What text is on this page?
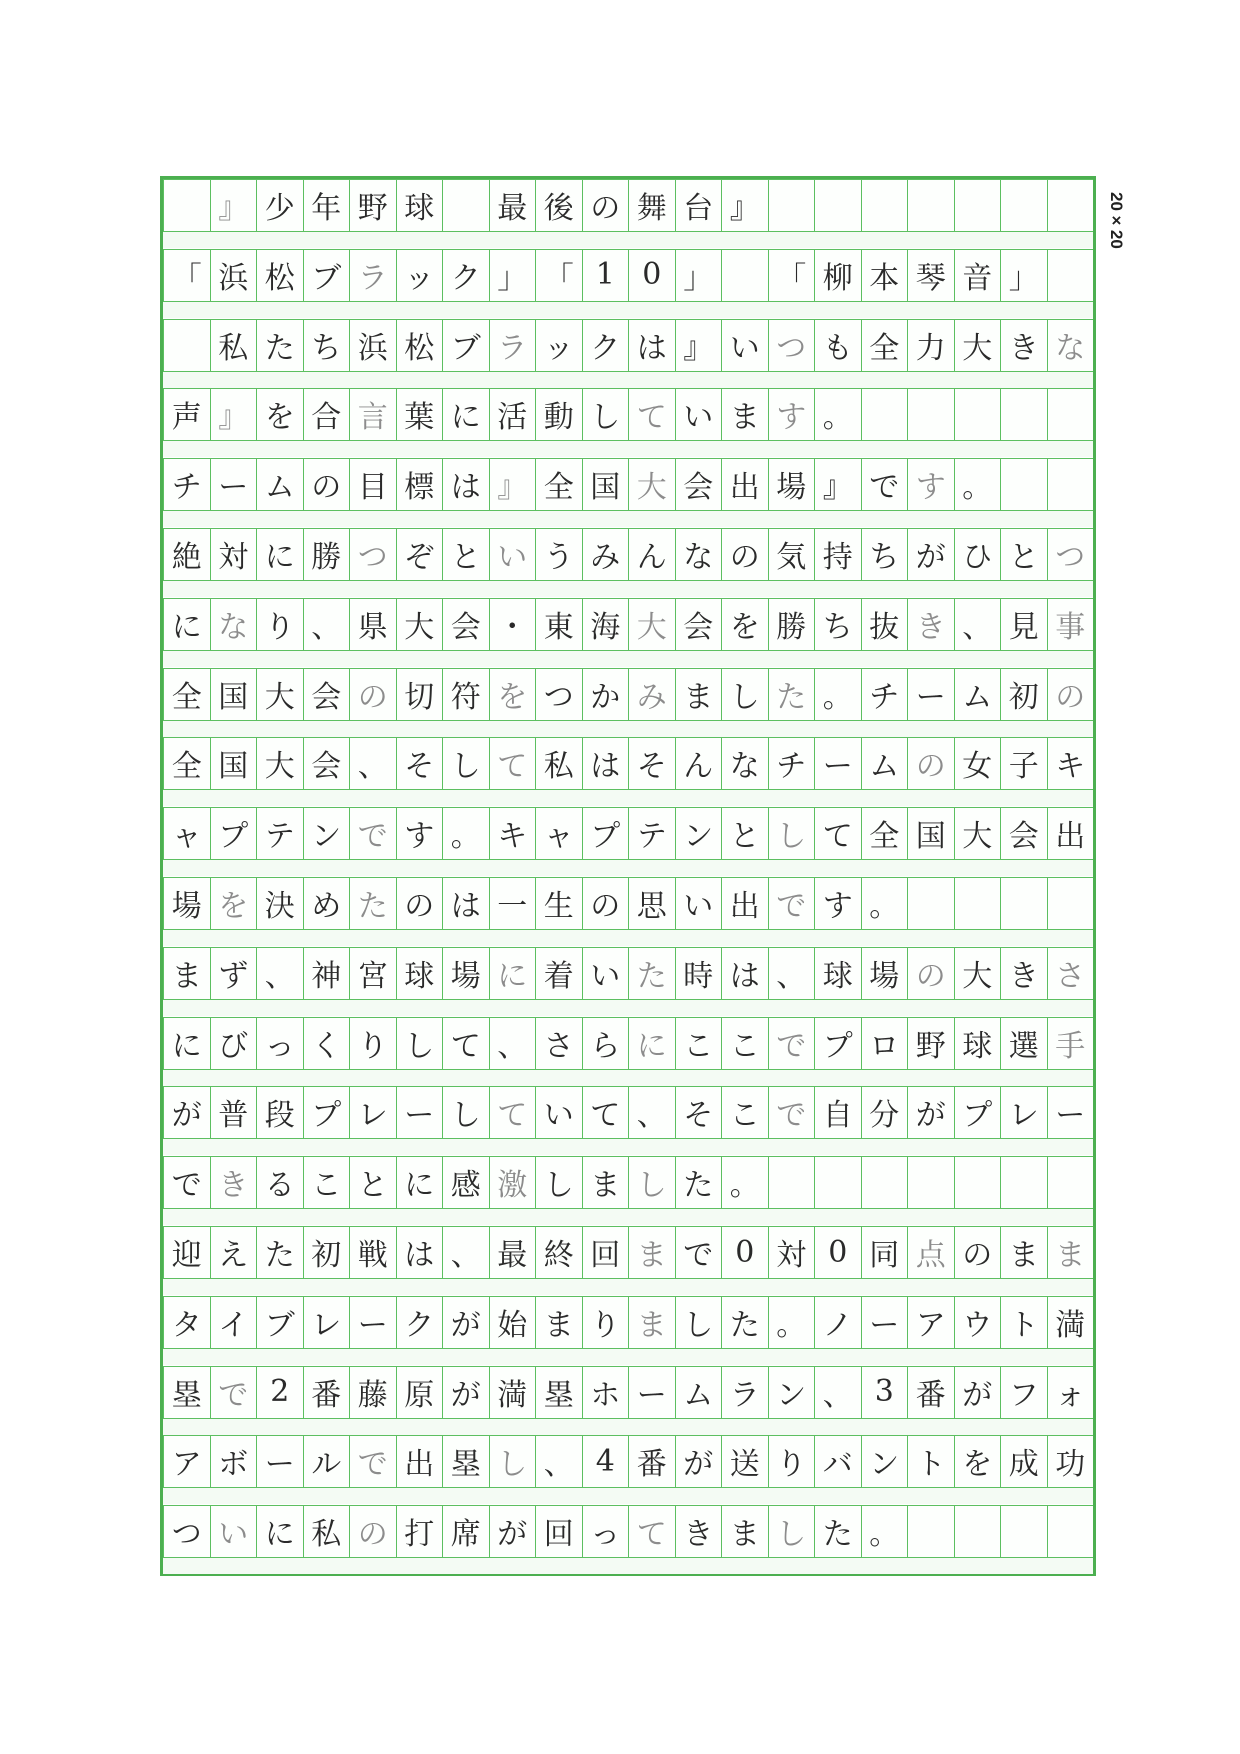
』 少 年 野 球 最 後 の 舞 台 』
「 浜 松 ブ ラ ッ ク 」 「 1 0 」 「 柳 本 琴 音 」
私 た ち 浜 松 ブ ラ ッ ク は 』 い つ も 全 力 大 き な
声 』 を 合 言 葉 に 活 動 し て い ま す 。
チ ー ム の 目 標 は 』 全 国 大 会 出 場 』 で す 。
絶 対 に 勝 つ ぞ と い う み ん な の 気 持 ち が ひ と つ
に な り 、 県 大 会 ・ 東 海 大 会 を 勝 ち 抜 き 、 見 事
全 国 大 会 の 切 符 を つ か み ま し た 。 チ ー ム 初 の
全 国 大 会 、 そ し て 私 は そ ん な チ ー ム の 女 子 キ
ャ プ テ ン で す 。 キ ャ プ テ ン と し て 全 国 大 会 出
場 を 決 め た の は 一 生 の 思 い 出 で す 。
ま ず 、 神 宮 球 場 に 着 い た 時 は 、 球 場 の 大 き さ
に び っ く り し て 、 さ ら に こ こ で プ ロ 野 球 選 手
が 普 段 プ レ ー し て い て 、 そ こ で 自 分 が プ レ ー
で き る こ と に 感 激 し ま し た 。
迎 え た 初 戦 は 、 最 終 回 ま で 0 対 0 同 点 の ま ま
タ イ ブ レ ー ク が 始 ま り ま し た 。 ノ ー ア ウ ト 満
塁 で 2 番 藤 原 が 満 塁 ホ ー ム ラ ン 、 3 番 が フ ォ
ア ボ ー ル で 出 塁 し 、 4 番 が 送 り バ ン ト を 成 功
つ い に 私 の 打 席 が 回 っ て き ま し た 。
20×20
